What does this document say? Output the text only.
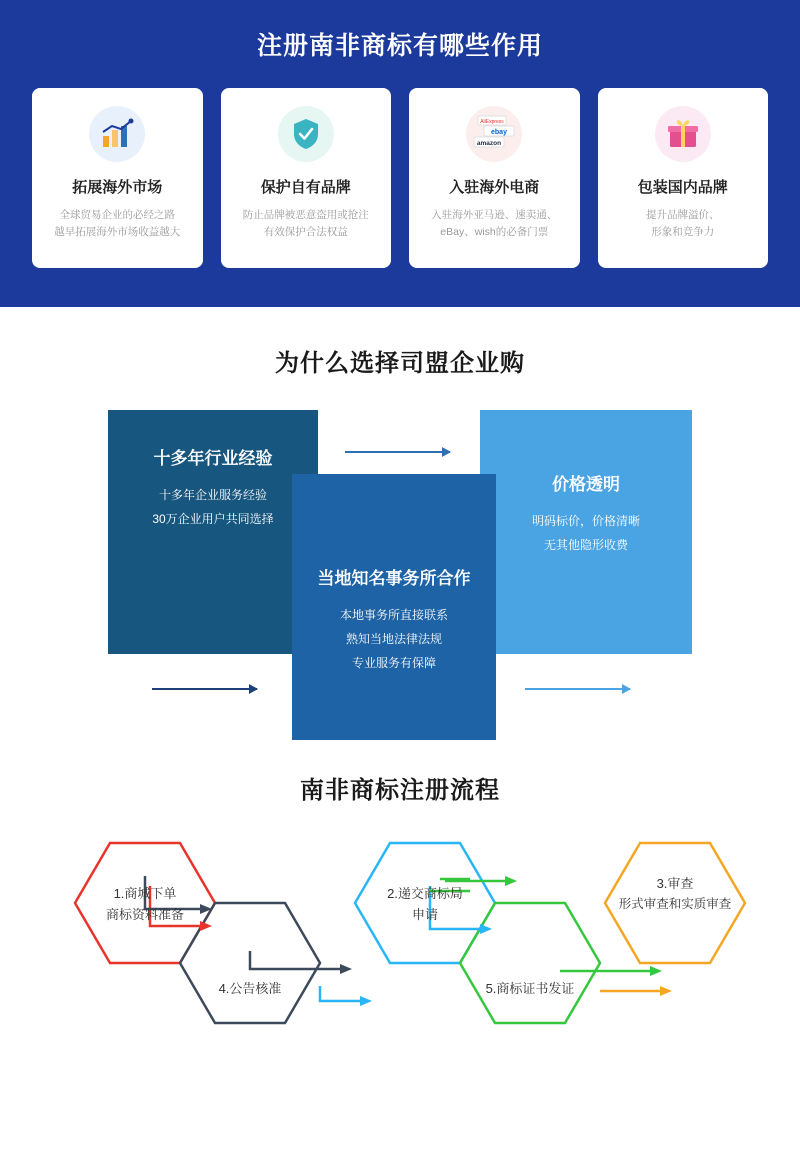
注册南非商标有哪些作用
拓展海外市场
全球贸易企业的必经之路
越早拓展海外市场收益越大
保护自有品牌
防止品牌被恶意盗用或抢注
有效保护合法权益
AliExpress
ebay
amazon
入驻海外电商
入驻海外亚马逊、速卖通、
eBay、wish的必备门票
包装国内品牌
提升品牌溢价、
形象和竞争力
为什么选择司盟企业购
十多年行业经验

十多年企业服务经验

30万企业用户共同选择

价格透明

明码标价，价格清晰

无其他隐形收费

当地知名事务所合作

本地事务所直接联系

熟知当地法律法规

专业服务有保障

南非商标注册流程
1.商城下单
商标资料准备
4.公告核准
2.递交商标局
申请
5.商标证书发证
3.审查
形式审查和实质审查
